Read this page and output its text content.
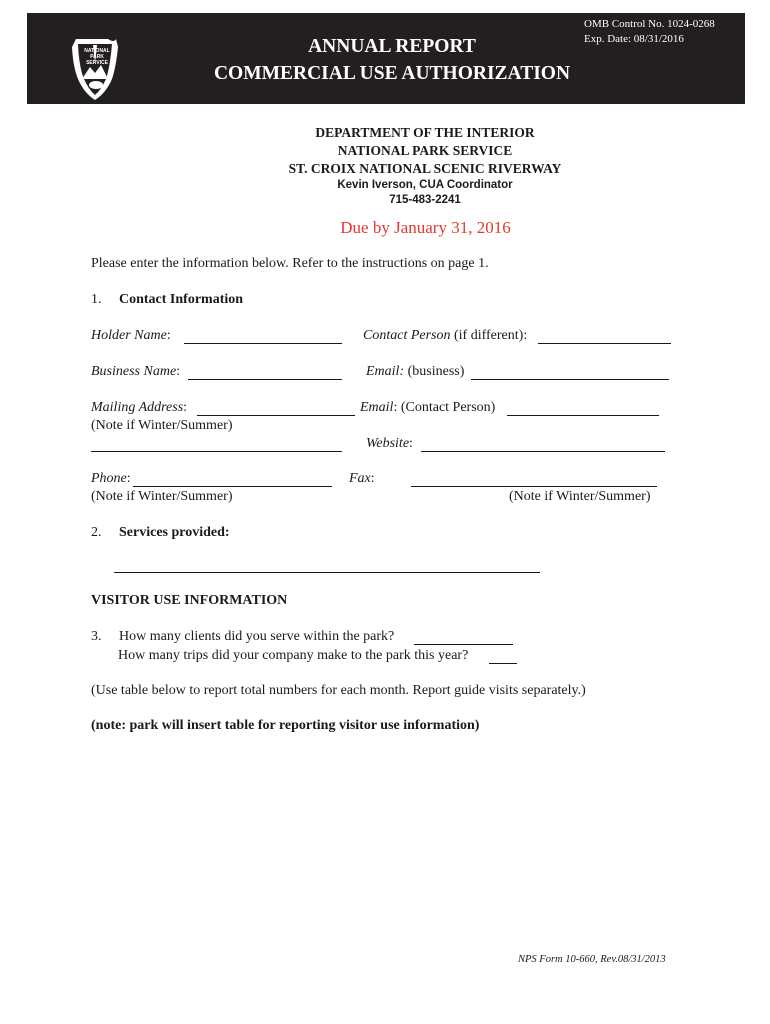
NATIONAL
PARK
SERVICE
ANNUAL REPORT
COMMERCIAL USE AUTHORIZATION
OMB Control No. 1024-0268
Exp. Date: 08/31/2016
DEPARTMENT OF THE INTERIOR
NATIONAL PARK SERVICE
ST. CROIX NATIONAL SCENIC RIVERWAY
Kevin Iverson, CUA Coordinator
715-483-2241
Due by January 31, 2016
Please enter the information below. Refer to the instructions on page 1.
1. Contact Information
Holder Name:	Contact Person (if different):
Business Name:	Email: (business)
Mailing Address:	Email: (Contact Person)
(Note if Winter/Summer)
Website:
Phone:	Fax:
(Note if Winter/Summer)	(Note if Winter/Summer)
2. Services provided:
VISITOR USE INFORMATION
3. How many clients did you serve within the park?
How many trips did your company make to the park this year?
(Use table below to report total numbers for each month. Report guide visits separately.)
(note: park will insert table for reporting visitor use information)
NPS Form 10-660, Rev.08/31/2013
